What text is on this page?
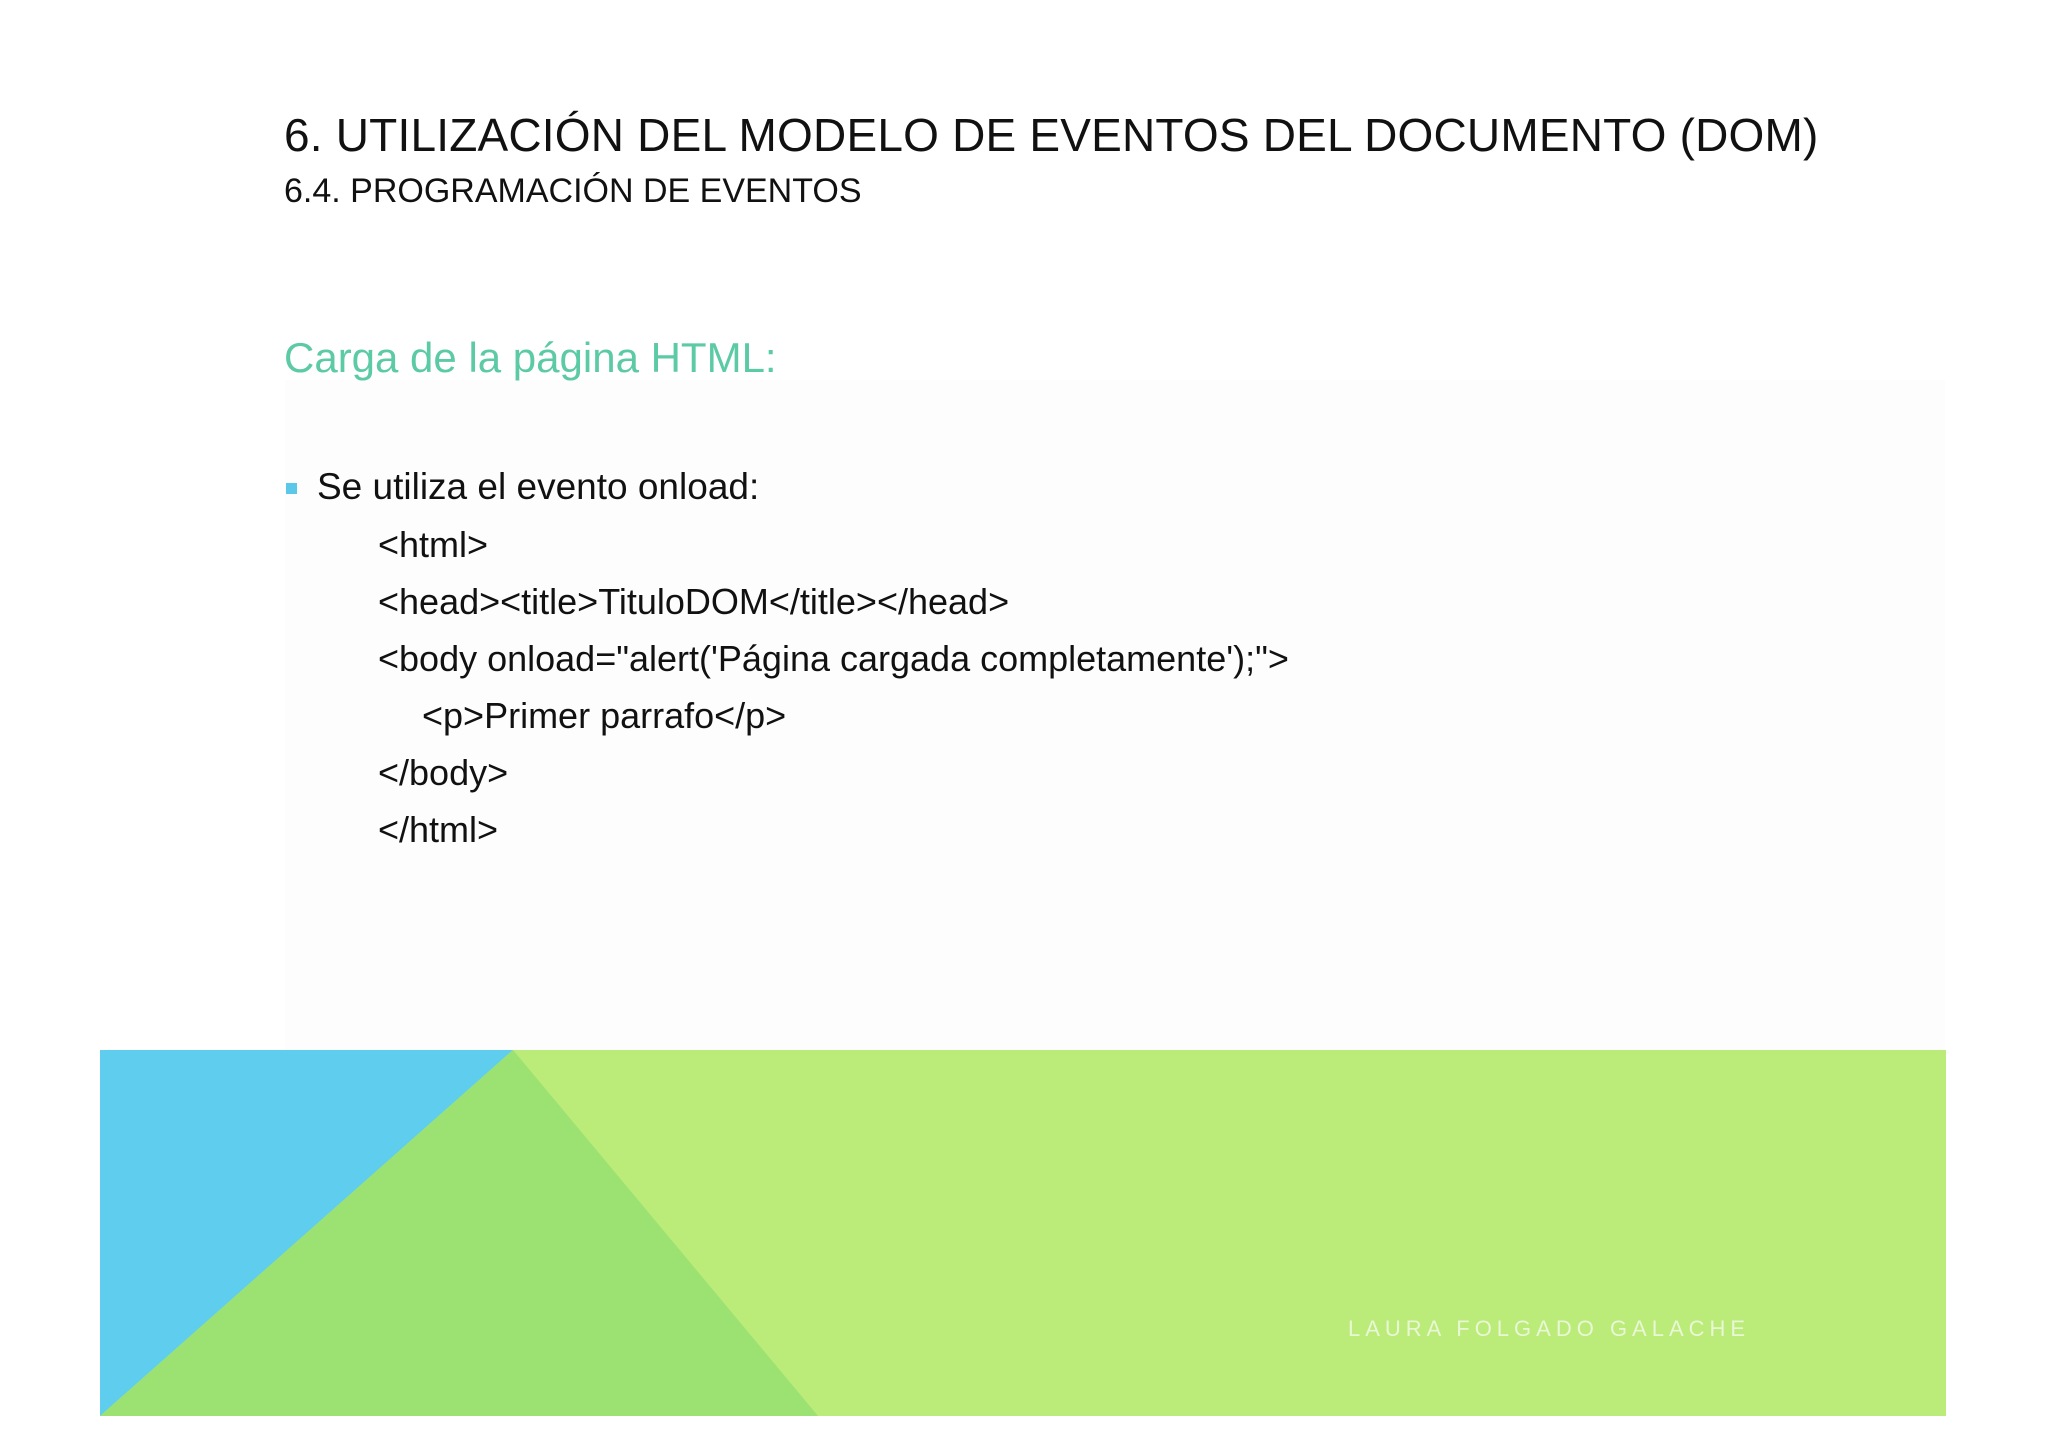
6. UTILIZACIÓN DEL MODELO DE EVENTOS DEL DOCUMENTO (DOM)
6.4. PROGRAMACIÓN DE EVENTOS
Carga de la página HTML:
Se utiliza el evento onload:
<html>
<head><title>TituloDOM</title></head>
<body onload="alert('Página cargada completamente');">
<p>Primer parrafo</p>
</body>
</html>
LAURA FOLGADO GALACHE
